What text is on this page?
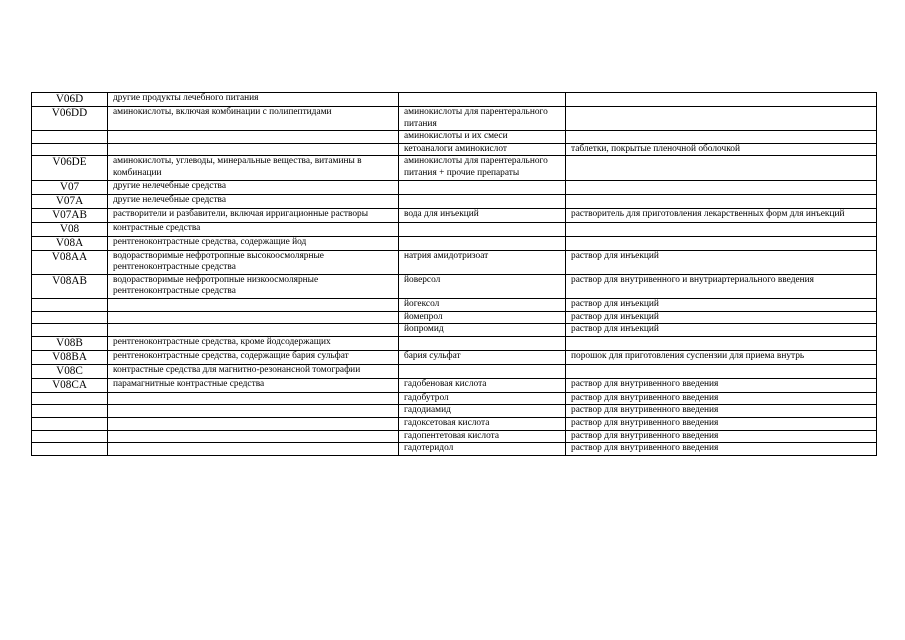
V06D	другие продукты лечебного питания		
V06DD	аминокислоты, включая комбинации с полипептидами	аминокислоты для парентерального питания	
		аминокислоты и их смеси	
		кетоаналоги аминокислот	таблетки, покрытые пленочной оболочкой
V06DE	аминокислоты, углеводы, минеральные вещества, витамины в комбинации	аминокислоты для парентерального питания + прочие препараты	
V07	другие нелечебные средства		
V07A	другие нелечебные средства		
V07AB	растворители и разбавители, включая ирригационные растворы	вода для инъекций	растворитель для приготовления лекарственных форм для инъекций
V08	контрастные средства		
V08A	рентгеноконтрастные средства, содержащие йод		
V08AA	водорастворимые нефротропные высокоосмолярные рентгеноконтрастные средства	натрия амидотризоат	раствор для инъекций
V08AB	водорастворимые нефротропные низкоосмолярные рентгеноконтрастные средства	йоверсол	раствор для внутривенного и внутриартериального введения
		йогексол	раствор для инъекций
		йомепрол	раствор для инъекций
		йопромид	раствор для инъекций
V08B	рентгеноконтрастные средства, кроме йодсодержащих		
V08BA	рентгеноконтрастные средства, содержащие бария сульфат	бария сульфат	порошок для приготовления суспензии для приема внутрь
V08C	контрастные средства для магнитно-резонансной томографии		
V08CA	парамагнитные контрастные средства	гадобеновая кислота	раствор для внутривенного введения
		гадобутрол	раствор для внутривенного введения
		гадодиамид	раствор для внутривенного введения
		гадоксетовая кислота	раствор для внутривенного введения
		гадопентетовая кислота	раствор для внутривенного введения
		гадотеридол	раствор для внутривенного введения
